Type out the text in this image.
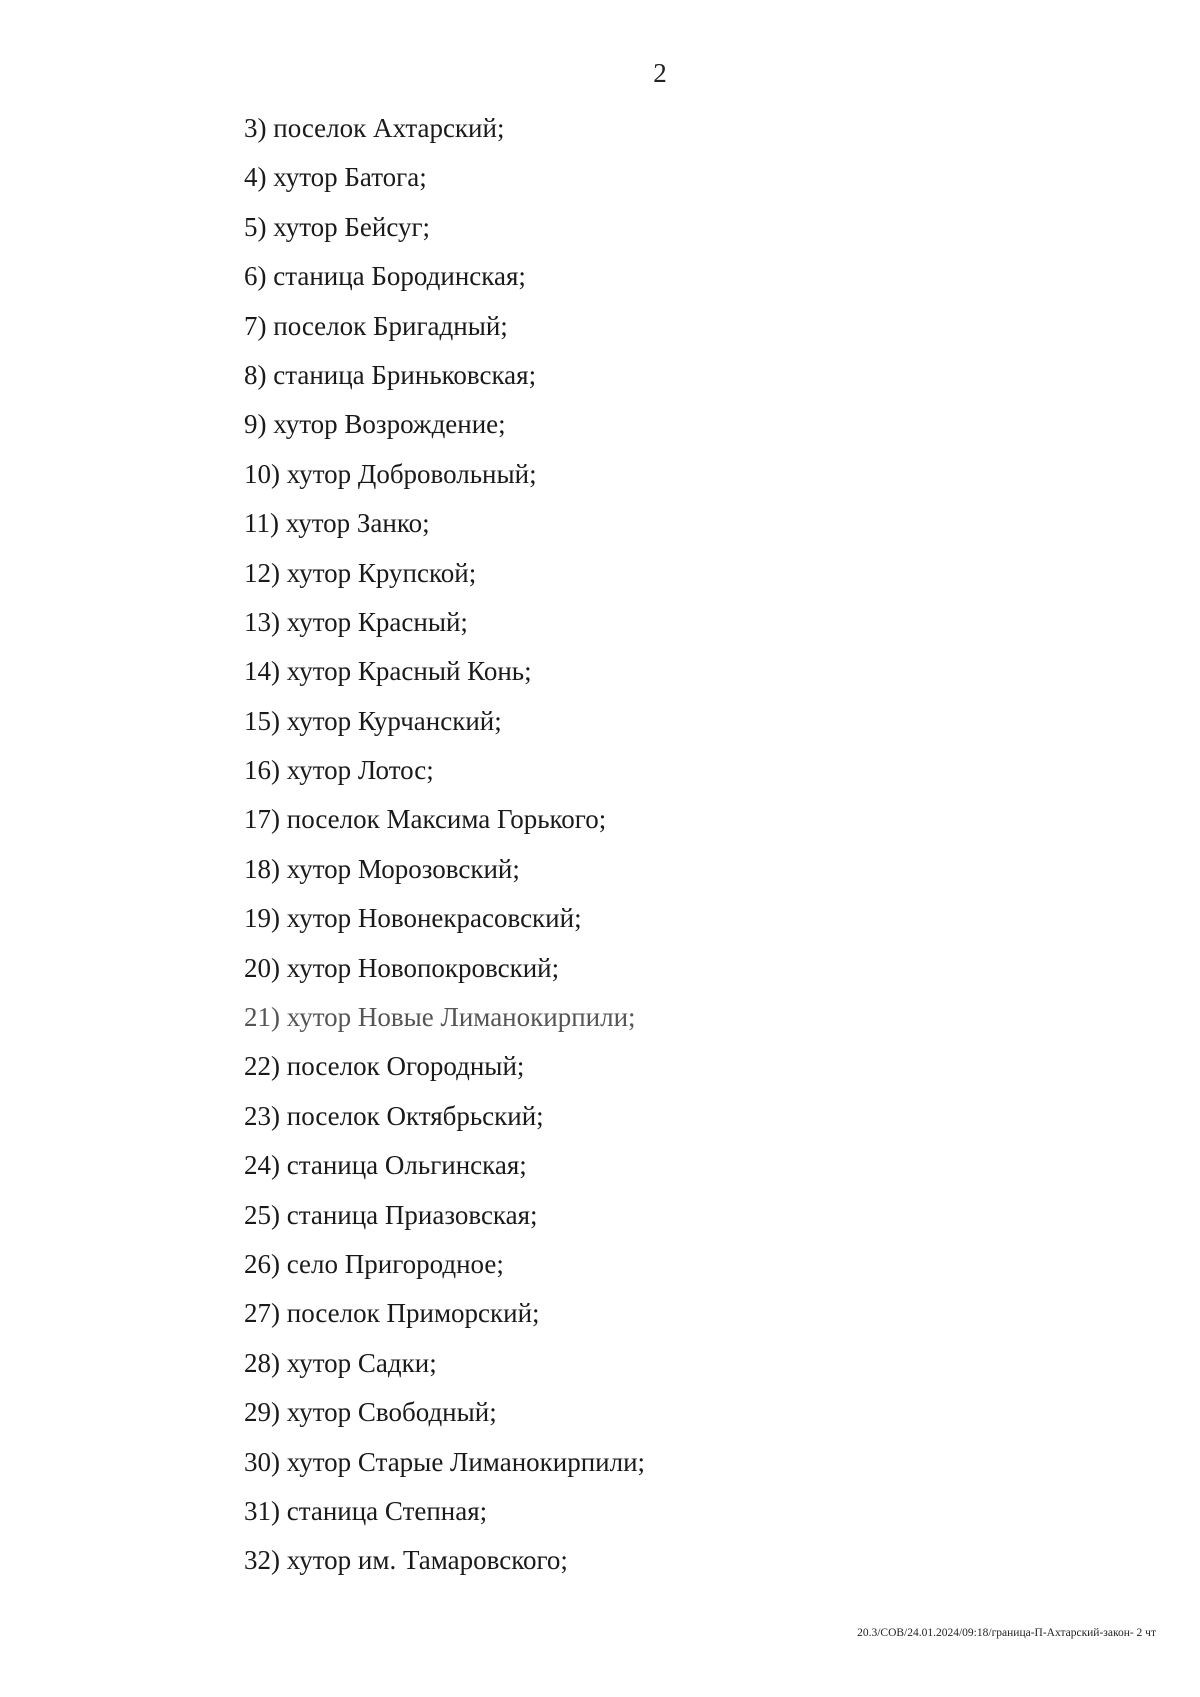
2
3) поселок Ахтарский;
4) хутор Батога;
5) хутор Бейсуг;
6) станица Бородинская;
7) поселок Бригадный;
8) станица Бриньковская;
9) хутор Возрождение;
10) хутор Добровольный;
11) хутор Занко;
12) хутор Крупской;
13) хутор Красный;
14) хутор Красный Конь;
15) хутор Курчанский;
16) хутор Лотос;
17) поселок Максима Горького;
18) хутор Морозовский;
19) хутор Новонекрасовский;
20) хутор Новопокровский;
21) хутор Новые Лиманокирпили;
22) поселок Огородный;
23) поселок Октябрьский;
24) станица Ольгинская;
25) станица Приазовская;
26) село Пригородное;
27) поселок Приморский;
28) хутор Садки;
29) хутор Свободный;
30) хутор Старые Лиманокирпили;
31) станица Степная;
32) хутор им. Тамаровского;
20.3/СОВ/24.01.2024/09:18/граница-П-Ахтарский-закон- 2 чт
